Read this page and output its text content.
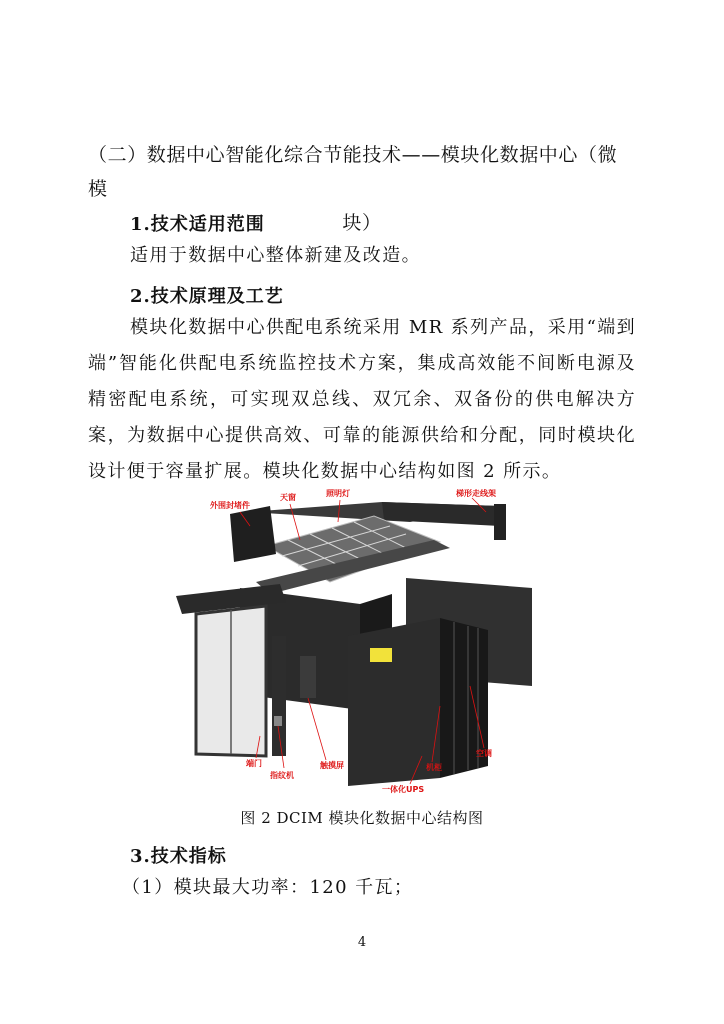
（二）数据中心智能化综合节能技术——模块化数据中心（微模
块）
1.技术适用范围
适用于数据中心整体新建及改造。
2.技术原理及工艺
模块化数据中心供配电系统采用 MR 系列产品，采用“端到端”智能化供配电系统监控技术方案，集成高效能不间断电源及精密配电系统，可实现双总线、双冗余、双备份的供电解决方案，为数据中心提供高效、可靠的能源供给和分配，同时模块化设计便于容量扩展。模块化数据中心结构如图 2 所示。
外围封堵件
天窗	照明灯	梯形走线架
端门
指纹机
触摸屏	机柜
空调
一体化UPS
图 2 DCIM 模块化数据中心结构图
3.技术指标
（1）模块最大功率：120 千瓦；
4
